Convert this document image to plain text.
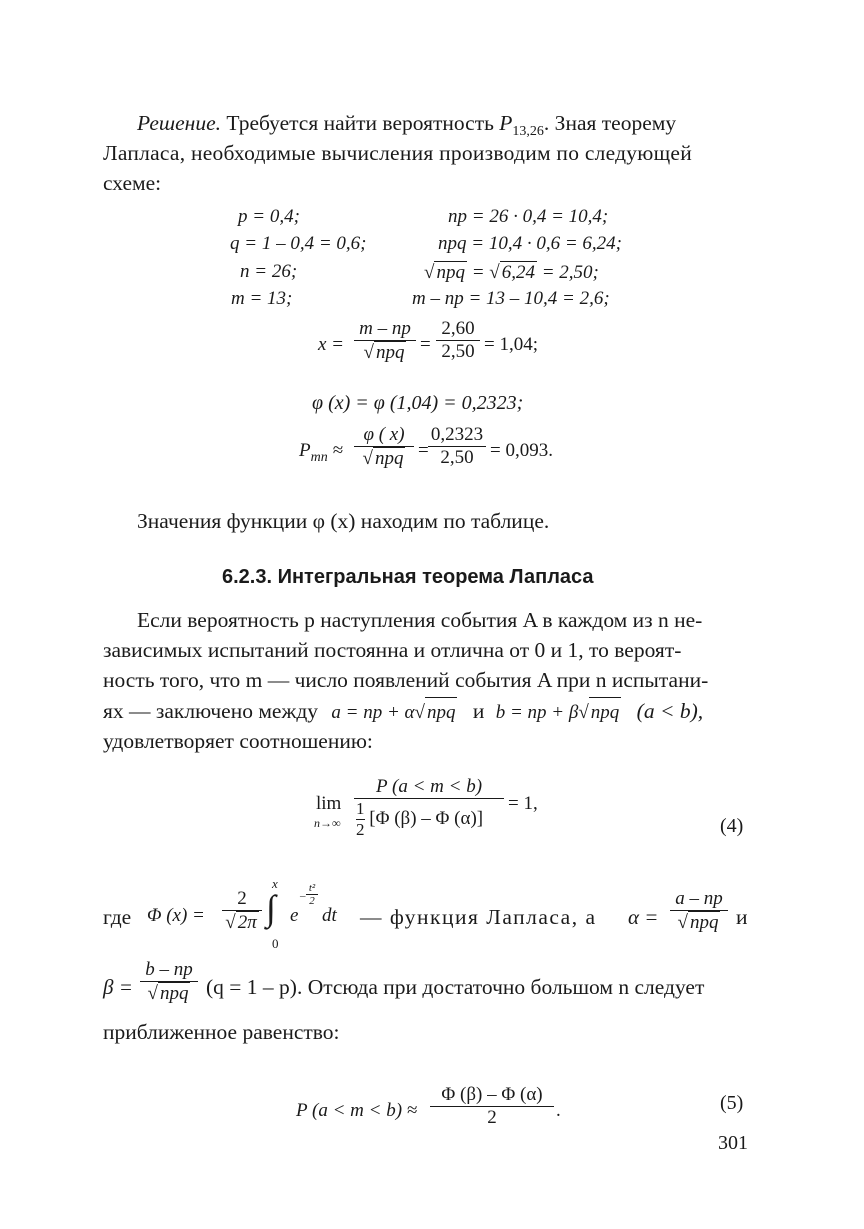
Решение. Требуется найти вероятность $P_{13,26}$. Зная теорему
Лапласа, необходимые вычисления производим по следующей
схеме:
p = 0,4;	np = 26 · 0,4 = 10,4;
q = 1 – 0,4 = 0,6;	npq = 10,4 · 0,6 = 6,24;
n = 26;	√ npq = √ 6,24 = 2,50;
m = 13;	m – np = 13 – 10,4 = 2,6;
x =
m – np
√ npq = $\frac{2,60}{2,50} = 1,04$;
φ (x) = φ (1,04) = 0,2323;
$P_{mn}$ ≈
φ ( x)
√ npq = $\frac{0,2323}{2,50} = 0,093$.
Значения функции φ (x) находим по таблице.
6.2.3. Интегральная теорема Лапласа
Если вероятность p наступления события A в каждом из n не-
зависимых испытаний постоянна и отлична от 0 и 1, то вероят-
ность того, что m — число появлений события A при n испытани-
ях — заключено между a = np + α√ npq и b = np + β√ npq (a < b),
удовлетворяет соотношению:
lim
$n\to\infty \frac{P (a < m < b)}{\frac{1}{2} [\Phi (\beta) - \Phi (\alpha)]} = 1$,
(4)
где Φ $(x) = \frac{2}{√ 2\pi}$
x
∫
0
e
– $\frac{\text{t²}}{2}$
dt — функция Лапласа, а α =
a – np
√ npq и
β =
b – np
√ npq (q = 1 – p). Отсюда при достаточно большом n следует
приближенное равенство:
P $(a < m < b) \approx \frac{\Phi (\beta) - \Phi (\alpha)}{2}$ .	(5)
301
